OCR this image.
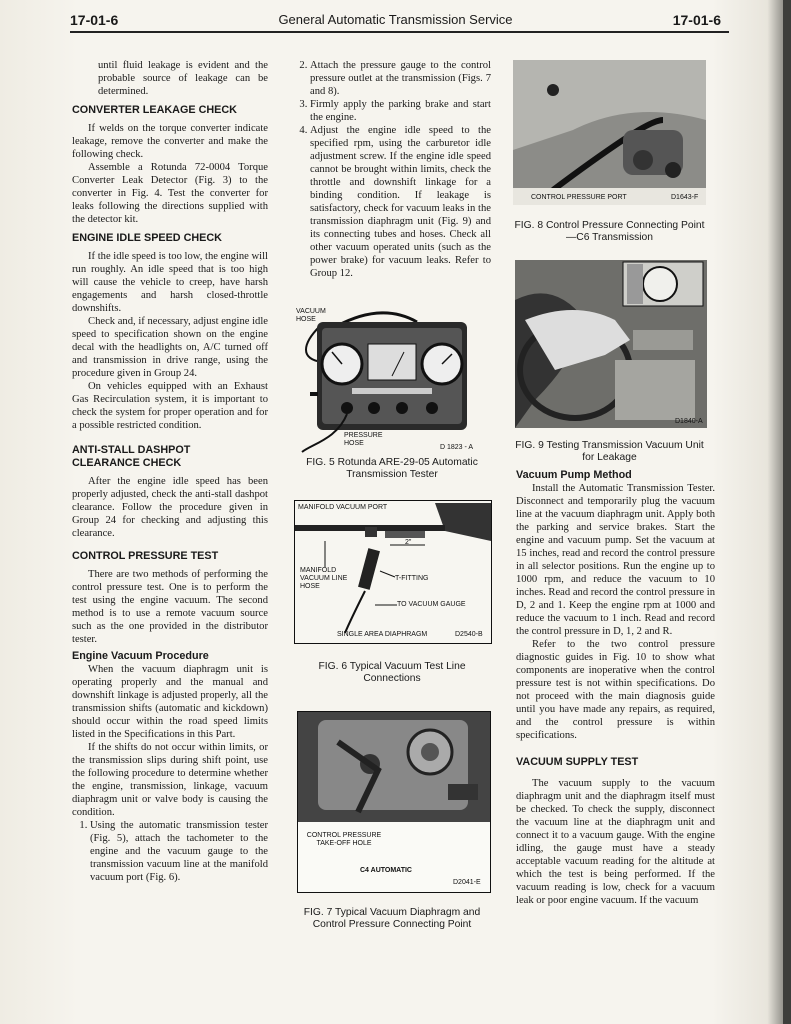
17-01-6	General Automatic Transmission Service	17-01-6

until fluid leakage is evident and the probable source of leakage can be determined.

CONVERTER LEAKAGE CHECK

If welds on the torque converter indicate leakage, remove the converter and make the following check.

Assemble a Rotunda 72-0004 Torque Converter Leak Detector (Fig. 3) to the converter in Fig. 4. Test the converter for leaks following the directions supplied with the detector kit.

ENGINE IDLE SPEED CHECK

If the idle speed is too low, the engine will run roughly. An idle speed that is too high will cause the vehicle to creep, have harsh engagements and harsh closed-throttle downshifts.

Check and, if necessary, adjust engine idle speed to specification shown on the engine decal with the headlights on, A/C turned off and transmission in drive range, using the procedure given in Group 24.

On vehicles equipped with an Exhaust Gas Recirculation system, it is important to check the system for proper operation and for a possible restricted condition.

ANTI-STALL DASHPOT
CLEARANCE CHECK

After the engine idle speed has been properly adjusted, check the anti-stall dashpot clearance. Follow the procedure given in Group 24 for checking and adjusting this clearance.

CONTROL PRESSURE TEST

There are two methods of performing the control pressure test. One is to perform the test using the engine vacuum. The second method is to use a remote vacuum source such as the one provided in the distributor tester.

Engine Vacuum Procedure

When the vacuum diaphragm unit is operating properly and the manual and downshift linkage is adjusted properly, all the transmission shifts (automatic and kickdown) should occur within the road speed limits listed in the Specifications in this Part.

If the shifts do not occur within limits, or the transmission slips during shift point, use the following procedure to determine whether the engine, transmission, linkage, vacuum diaphragm unit or valve body is causing the condition.

1. Using the automatic transmission tester (Fig. 5), attach the tachometer to the engine and the vacuum gauge to the transmission vacuum line at the manifold vacuum port (Fig. 6).
2. Attach the pressure gauge to the control pressure outlet at the transmission (Figs. 7 and 8).
3. Firmly apply the parking brake and start the engine.
4. Adjust the engine idle speed to the specified rpm, using the carburetor idle adjustment screw. If the engine idle speed cannot be brought within limits, check the throttle and downshift linkage for a binding condition. If leakage is satisfactory, check for vacuum leaks in the transmission diaphragm unit (Fig. 9) and its connecting tubes and hoses. Check all other vacuum operated units (such as the power brake) for vacuum leaks. Refer to Group 12.
VACUUM HOSE
PRESSURE HOSE
D 1823 - A
FIG. 5 Rotunda ARE-29-05 Automatic Transmission Tester
MANIFOLD VACUUM PORT
2"
MANIFOLD VACUUM LINE HOSE
T-FITTING
TO VACUUM GAUGE
SINGLE AREA DIAPHRAGM	D2540-B
FIG. 6 Typical Vacuum Test Line Connections
CONTROL PRESSURE TAKE-OFF HOLE
C4 AUTOMATIC
D2041-E
FIG. 7 Typical Vacuum Diaphragm and Control Pressure Connecting Point
CONTROL PRESSURE PORT	D1643-F
FIG. 8 Control Pressure Connecting Point—C6 Transmission
D1840-A
FIG. 9 Testing Transmission Vacuum Unit for Leakage
Vacuum Pump Method

Install the Automatic Transmission Tester. Disconnect and temporarily plug the vacuum line at the vacuum diaphragm unit. Apply both the parking and service brakes. Start the engine and vacuum pump. Set the vacuum at 15 inches, read and record the control pressure in all selector positions. Run the engine up to 1000 rpm, and reduce the vacuum to 10 inches. Read and record the control pressure in D, 2 and 1. Keep the engine rpm at 1000 and reduce the vacuum to 1 inch. Read and record the control pressure in D, 1, 2 and R.

Refer to the two control pressure diagnostic guides in Fig. 10 to show what components are inoperative when the control pressure test is not within specifications. Do not proceed with the main diagnosis guide until you have made any repairs, as required, and the control pressure is within specifications.

VACUUM SUPPLY TEST

The vacuum supply to the vacuum diaphragm unit and the diaphragm itself must be checked. To check the supply, disconnect the vacuum line at the diaphragm unit and connect it to a vacuum gauge. With the engine idling, the gauge must have a steady acceptable vacuum reading for the altitude at which the test is being performed. If the vacuum reading is low, check for a vacuum leak or poor engine vacuum. If the vacuum
